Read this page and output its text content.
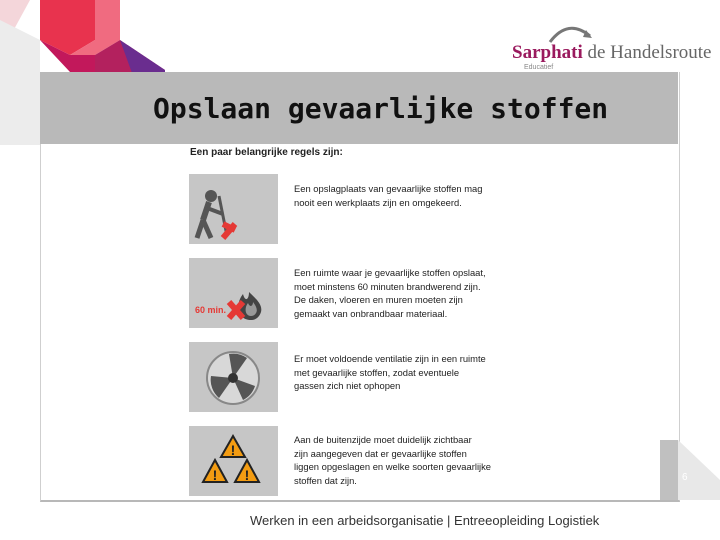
Sarphati de Handelsroute
Educatief
Opslaan gevaarlijke stoffen
Een paar belangrijke regels zijn:
Een opslagplaats van gevaarlijke stoffen mag
nooit een werkplaats zijn en omgekeerd.
60 min.
Een ruimte waar je gevaarlijke stoffen opslaat,
moet minstens 60 minuten brandwerend zijn.
De daken, vloeren en muren moeten zijn
gemaakt van onbrandbaar materiaal.
Er moet voldoende ventilatie zijn in een ruimte
met gevaarlijke stoffen, zodat eventuele
gassen zich niet ophopen
!
! !
Aan de buitenzijde moet duidelijk zichtbaar
zijn aangegeven dat er gevaarlijke stoffen
liggen opgeslagen en welke soorten gevaarlijke
stoffen dat zijn.	6
Werken in een arbeidsorganisatie | Entreeopleiding Logistiek
